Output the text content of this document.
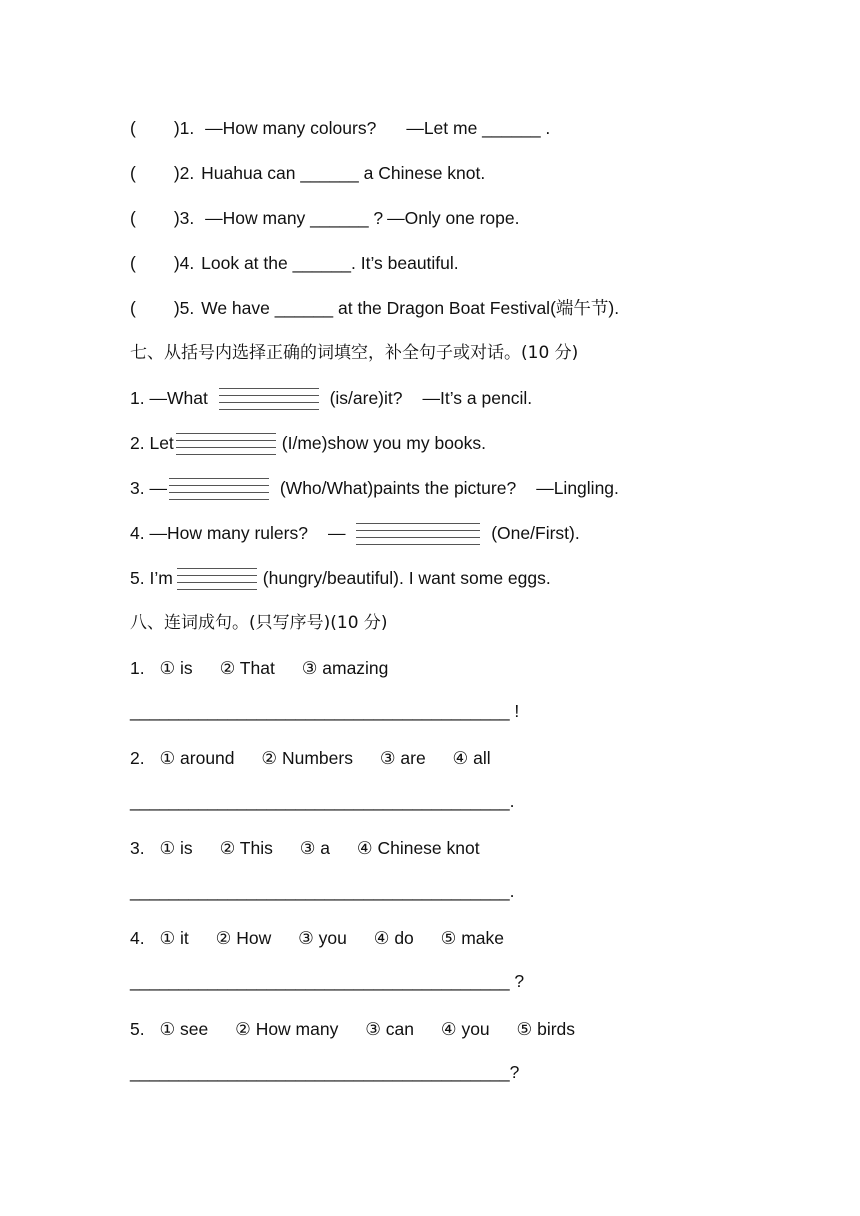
( )1. —How many colours? —Let me ______ .
( )2. Huahua can ______ a Chinese knot.
( )3. —How many ______ ? —Only one rope.
( )4. Look at the ______. It’s beautiful.
( )5. We have ______ at the Dragon Boat Festival(端午节).
七、从括号内选择正确的词填空，补全句子或对话。(10 分)
1. —What	(is/are)it? —It’s a pencil.
2. Let	(I/me)show you my books.
3. —	(Who/What)paints the picture? —Lingling.
4. —How many rulers? —	(One/First).
5. I’m	(hungry/beautiful). I want some eggs.
八、连词成句。(只写序号)(10 分)
1. ① is ② That ③ amazing
_______________________________________ !
2. ① around ② Numbers ③ are ④ all
_______________________________________.
3. ① is ② This ③ a ④ Chinese knot
_______________________________________.
4. ① it ② How ③ you ④ do ⑤ make
_______________________________________ ?
5. ① see ② How many ③ can ④ you ⑤ birds
_______________________________________?
